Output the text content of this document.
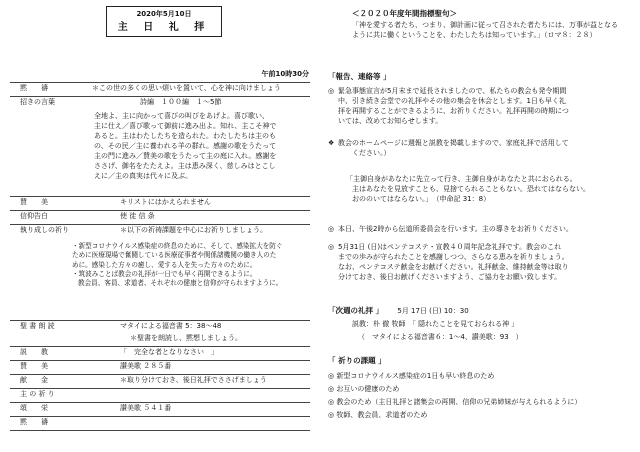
2020年5月10日
主 日 礼 拝
午前10時30分
黙　　禱	＊この世の多くの思い煩いを置いて、心を神に向けましょう
招きの言葉	詩編　１００編　１〜5節
全地よ、主に向かって喜びの叫びをあげよ。喜び歌い、
主に仕え／喜び歌って御前に進み出よ。知れ、主こそ神で
あると。主はわたしたちを造られた。わたしたちは主のも
の、その民／主に養われる羊の群れ。感謝の歌をうたって
主の門に進み／賛美の歌をうたって主の庭に入れ。感謝を
ささげ、御名をたたえよ。主は恵み深く、慈しみはとこし
えに／主の真実は代々に及ぶ。
賛　　美	キリストにはかえられません
信仰告白	使 徒 信 条
執り成しの祈り	＊以下の祈祷課題を中心にお祈りしましょう。
・新型コロナウイルス感染症の終息のために、そして、感染拡大を防ぐ
ために医療現場で奮闘している医療従事者や関係諸機関の働き人のた
めに。感染した方々の癒し、愛する人を失った方々のために。
・筑波みことば教会の礼拝が一日でも早く再開できるように。
教会員、客員、求道者、それぞれの健康と信仰が守られますように。
聖 書 朗 読	マタイによる福音書 5：38〜48
＊聖書を朗読し、黙想しましょう。
説　　教	「　完全な者となりなさい　」
賛　　美	讃美歌 ２８５番
献　　金	＊取り分けておき、後日礼拝でささげましょう
主 の 祈 り
頌　　栄	讃美歌 ５４１番
黙　　禱
＜２０２０年度年間指標聖句＞
「神を愛する者たち、つまり、御計画に従って召された者たちには、万事が益となる
ように共に働くということを、わたしたちは知っています。」（ロマ８：２８）
「報告、連絡等 」
◎ 緊急事態宣言が5月末まで延長されましたので、私たちの教会も発令期間
中、引き続き会堂での礼拝やその他の集会を休会とします。1日も早く礼
拝を再開することができるように、お祈りください。礼拝再開の時期につ
いては、改めてお知らせします。
❖ 教会のホームページに週報と説教を掲載しますので、家庭礼拝で活用して
ください。）
「主御自身があなたに先立って行き、主御自身があなたと共におられる。
主はあなたを見放すことも、見捨てられることもない。恐れてはならない。
おののいてはならない。」　（申命記 31：8）
◎ 本日、午後2時から伝道所委員会を行います。主の導きをお祈りください。
◎ 5月31日 (日)はペンテコステ・宣教４０周年記念礼拝です。教会のこれ
までの歩みが守られたことを感謝しつつ、さらなる恵みを祈りましょう。
なお、ペンテコステ献金をお献げください。礼拝献金、維持献金等は取り
分けておき、後日お献げくださいますよう、ご協力をお願い致します。
「次週の礼拝 」 5月 17日 (日) 10：30
説教：朴 徹 牧師　「 隠れたことを見ておられる神 」
（　マタイによる福音書６：1〜4、讃美歌：93　）
「 祈りの課題 」
◎ 新型コロナウイルス感染症の1日も早い終息のため
◎ お互いの健康のため
◎ 教会のため（主日礼拝と諸集会の再開、信仰の兄弟姉妹が与えられるように）
◎ 牧師、教会員、求道者のため
